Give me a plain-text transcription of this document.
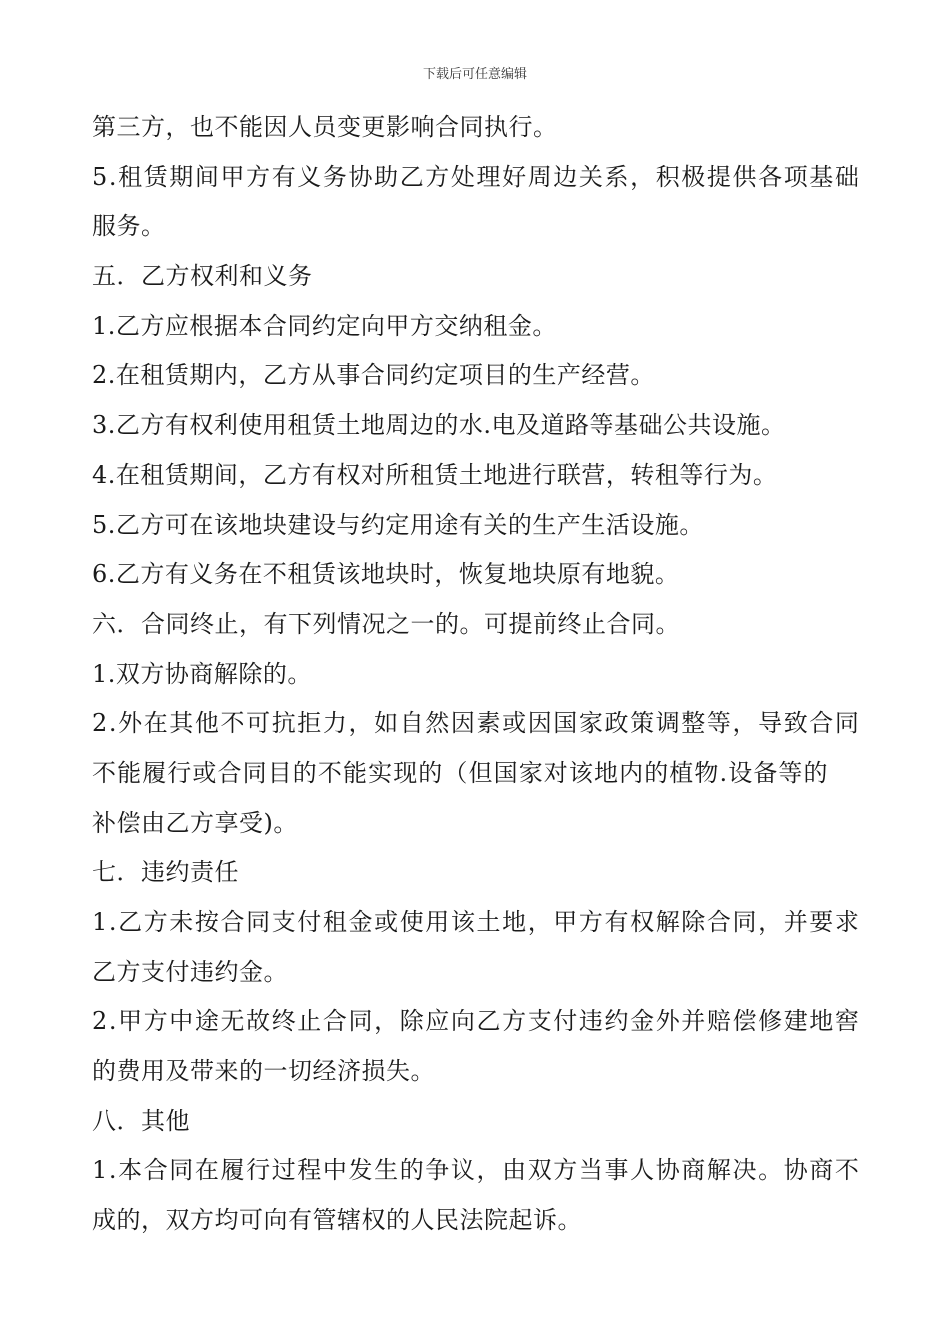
下载后可任意编辑
第三方，也不能因人员变更影响合同执行。
5.租赁期间甲方有义务协助乙方处理好周边关系，积极提供各项基础
服务。
五．乙方权利和义务
1.乙方应根据本合同约定向甲方交纳租金。
2.在租赁期内，乙方从事合同约定项目的生产经营。
3.乙方有权利使用租赁土地周边的水.电及道路等基础公共设施。
4.在租赁期间，乙方有权对所租赁土地进行联营，转租等行为。
5.乙方可在该地块建设与约定用途有关的生产生活设施。
6.乙方有义务在不租赁该地块时，恢复地块原有地貌。
六．合同终止，有下列情况之一的。可提前终止合同。
1.双方协商解除的。
2.外在其他不可抗拒力，如自然因素或因国家政策调整等，导致合同
不能履行或合同目的不能实现的（但国家对该地内的植物.设备等的
补偿由乙方享受)。
七．违约责任
1.乙方未按合同支付租金或使用该土地，甲方有权解除合同，并要求
乙方支付违约金。
2.甲方中途无故终止合同，除应向乙方支付违约金外并赔偿修建地窖
的费用及带来的一切经济损失。
八．其他
1.本合同在履行过程中发生的争议，由双方当事人协商解决。协商不
成的，双方均可向有管辖权的人民法院起诉。
